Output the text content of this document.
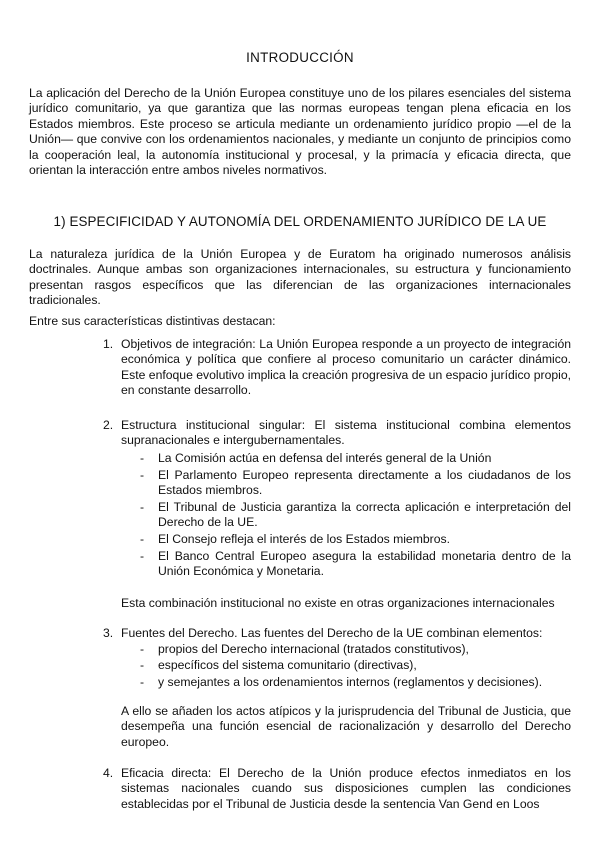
INTRODUCCIÓN

La aplicación del Derecho de la Unión Europea constituye uno de los pilares esenciales del sistema jurídico comunitario, ya que garantiza que las normas europeas tengan plena eficacia en los Estados miembros. Este proceso se articula mediante un ordenamiento jurídico propio —el de la Unión— que convive con los ordenamientos nacionales, y mediante un conjunto de principios como la cooperación leal, la autonomía institucional y procesal, y la primacía y eficacia directa, que orientan la interacción entre ambos niveles normativos.

1) ESPECIFICIDAD Y AUTONOMÍA DEL ORDENAMIENTO JURÍDICO DE LA UE

La naturaleza jurídica de la Unión Europea y de Euratom ha originado numerosos análisis doctrinales. Aunque ambas son organizaciones internacionales, su estructura y funcionamiento presentan rasgos específicos que las diferencian de las organizaciones internacionales tradicionales.

Entre sus características distintivas destacan:

1. Objetivos de integración: La Unión Europea responde a un proyecto de integración económica y política que confiere al proceso comunitario un carácter dinámico. Este enfoque evolutivo implica la creación progresiva de un espacio jurídico propio, en constante desarrollo.

2. Estructura institucional singular: El sistema institucional combina elementos supranacionales e intergubernamentales.

-	La Comisión actúa en defensa del interés general de la Unión

-	El Parlamento Europeo representa directamente a los ciudadanos de los Estados miembros.

-	El Tribunal de Justicia garantiza la correcta aplicación e interpretación del Derecho de la UE.

-	El Consejo refleja el interés de los Estados miembros.

-	El Banco Central Europeo asegura la estabilidad monetaria dentro de la Unión Económica y Monetaria.

Esta combinación institucional no existe en otras organizaciones internacionales

3. Fuentes del Derecho. Las fuentes del Derecho de la UE combinan elementos:

-	propios del Derecho internacional (tratados constitutivos),

-	específicos del sistema comunitario (directivas),

-	y semejantes a los ordenamientos internos (reglamentos y decisiones).

A ello se añaden los actos atípicos y la jurisprudencia del Tribunal de Justicia, que desempeña una función esencial de racionalización y desarrollo del Derecho europeo.

4. Eficacia directa: El Derecho de la Unión produce efectos inmediatos en los sistemas nacionales cuando sus disposiciones cumplen las condiciones establecidas por el Tribunal de Justicia desde la sentencia Van Gend en Loos
